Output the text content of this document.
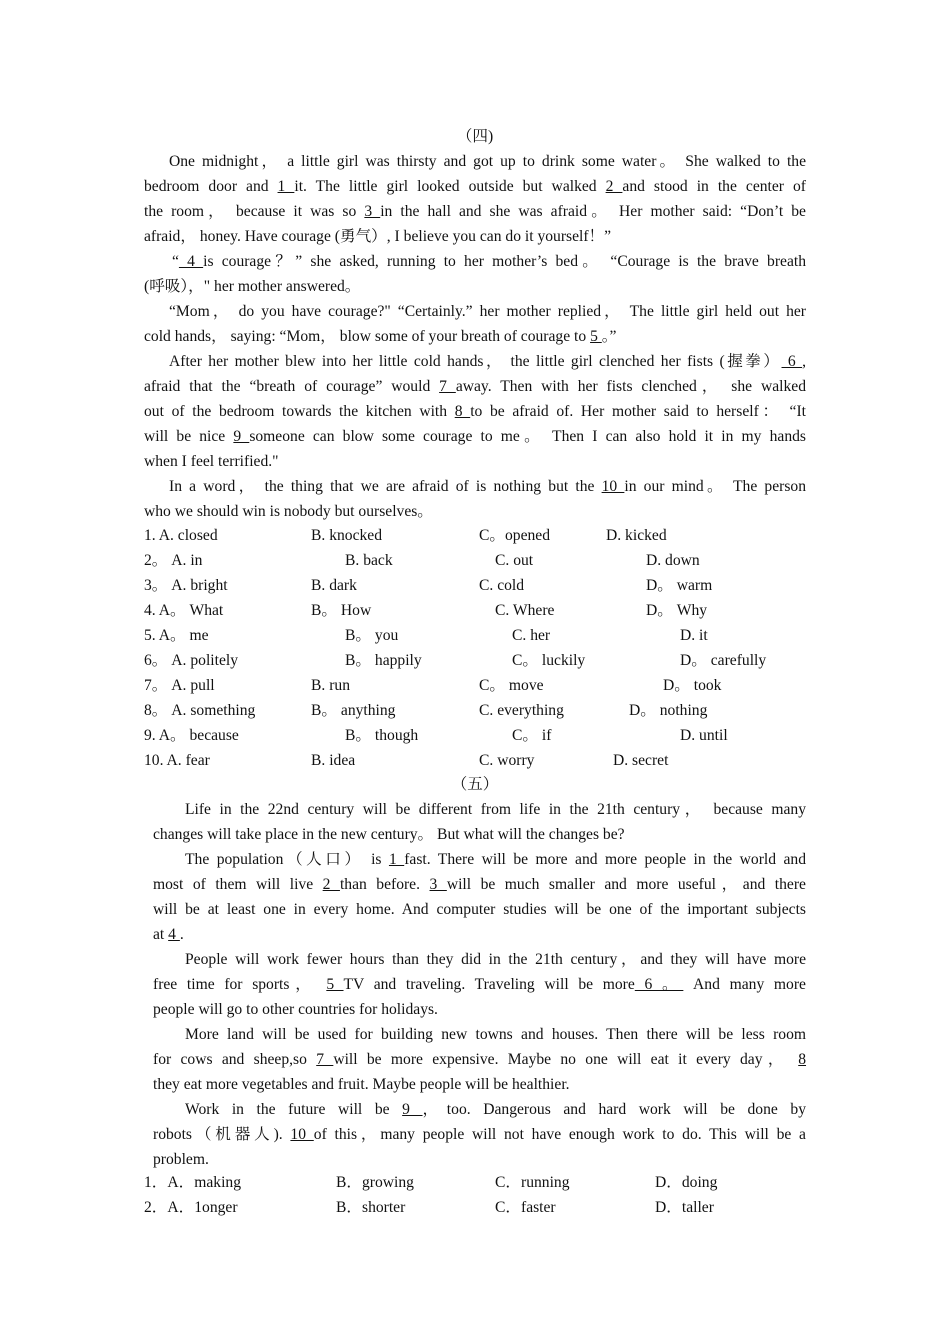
（四)
One midnight， a little girl was thirsty and got up to drink some water。 She walked to the
bedroom door and 1 it. The little girl looked outside but walked 2 and stood in the center of
the room， because it was so 3 in the hall and she was afraid。 Her mother said: “Don’t be
afraid， honey. Have courage (勇气）, I believe you can do it yourself！”
“ 4 is courage？” she asked, running to her mother’s bed。 “Courage is the brave breath
(呼吸），" her mother answered。
“Mom， do you have courage?" “Certainly.” her mother replied， The little girl held out her
cold hands， saying: “Mom， blow some of your breath of courage to 5 。”
After her mother blew into her little cold hands， the little girl clenched her fists (握拳） 6 ,
afraid that the “breath of courage” would 7 away. Then with her fists clenched， she walked
out of the bedroom towards the kitchen with 8 to be afraid of. Her mother said to herself： “It
will be nice 9 someone can blow some courage to me。 Then I can also hold it in my hands
when I feel terrified."
In a word， the thing that we are afraid of is nothing but the 10 in our mind。 The person
who we should win is nobody but ourselves。
1. A. closed	B. knocked	C。opened	D. kicked
2。 A. in	B. back	C. out	D. down
3。 A. bright	B. dark	C. cold	D。 warm
4. A。 What	B。 How	C. Where	D。 Why
5. A。 me	B。 you	C. her	D. it
6。 A. politely	B。 happily	C。 luckily	D。 carefully
7。 A. pull	B. run	C。 move	D。 took
8。 A. something	B。 anything	C. everything	D。 nothing
9. A。 because	B。 though	C。 if	D. until
10. A. fear	B. idea	C. worry	D. secret
（五）
Life in the 22nd century will be different from life in the 21th century， because many
changes will take place in the new century。 But what will the changes be?
The population（人口） is 1 fast. There will be more and more people in the world and
most of them will live 2 than before. 3 will be much smaller and more useful，and there
will be at least one in every home. And computer studies will be one of the important subjects
at 4 .
People will work fewer hours than they did in the 21th century，and they will have more
free time for sports， 5 TV and traveling. Traveling will be more 6 。 And many more
people will go to other countries for holidays.
More land will be used for building new towns and houses. Then there will be less room
for cows and sheep,so 7 will be more expensive. Maybe no one will eat it every day， 8
they eat more vegetables and fruit. Maybe people will be healthier.
Work in the future will be 9 ，too. Dangerous and hard work will be done by
robots（机器人). 10 of this，many people will not have enough work to do. This will be a
problem.
1．A．making	B．growing	C．running	D．doing
2．A．1onger	B．shorter	C．faster	D．taller
